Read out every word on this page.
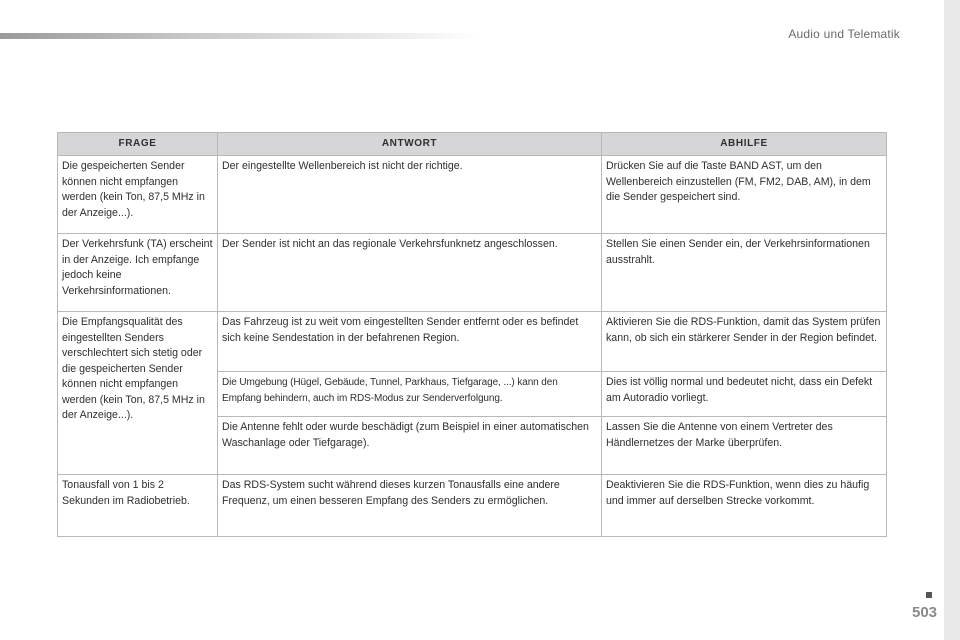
Audio und Telematik
FRAGE	ANTWORT	ABHILFE
Die gespeicherten Sender können nicht empfangen werden (kein Ton, 87,5 MHz in der Anzeige...).	Der eingestellte Wellenbereich ist nicht der richtige.	Drücken Sie auf die Taste BAND AST, um den Wellenbereich einzustellen (FM, FM2, DAB, AM), in dem die Sender gespeichert sind.
Der Verkehrsfunk (TA) erscheint in der Anzeige. Ich empfange jedoch keine Verkehrsinformationen.	Der Sender ist nicht an das regionale Verkehrsfunknetz angeschlossen.	Stellen Sie einen Sender ein, der Verkehrsinformationen ausstrahlt.
Die Empfangsqualität des eingestellten Senders verschlechtert sich stetig oder die gespeicherten Sender können nicht empfangen werden (kein Ton, 87,5 MHz in der Anzeige...).	Das Fahrzeug ist zu weit vom eingestellten Sender entfernt oder es befindet sich keine Sendestation in der befahrenen Region.	Aktivieren Sie die RDS-Funktion, damit das System prüfen kann, ob sich ein stärkerer Sender in der Region befindet.
	Die Umgebung (Hügel, Gebäude, Tunnel, Parkhaus, Tiefgarage, ...) kann den Empfang behindern, auch im RDS-Modus zur Senderverfolgung.	Dies ist völlig normal und bedeutet nicht, dass ein Defekt am Autoradio vorliegt.
	Die Antenne fehlt oder wurde beschädigt (zum Beispiel in einer automatischen Waschanlage oder Tiefgarage).	Lassen Sie die Antenne von einem Vertreter des Händlernetzes der Marke überprüfen.
Tonausfall von 1 bis 2 Sekunden im Radiobetrieb.	Das RDS-System sucht während dieses kurzen Tonausfalls eine andere Frequenz, um einen besseren Empfang des Senders zu ermöglichen.	Deaktivieren Sie die RDS-Funktion, wenn dies zu häufig und immer auf derselben Strecke vorkommt.
503
